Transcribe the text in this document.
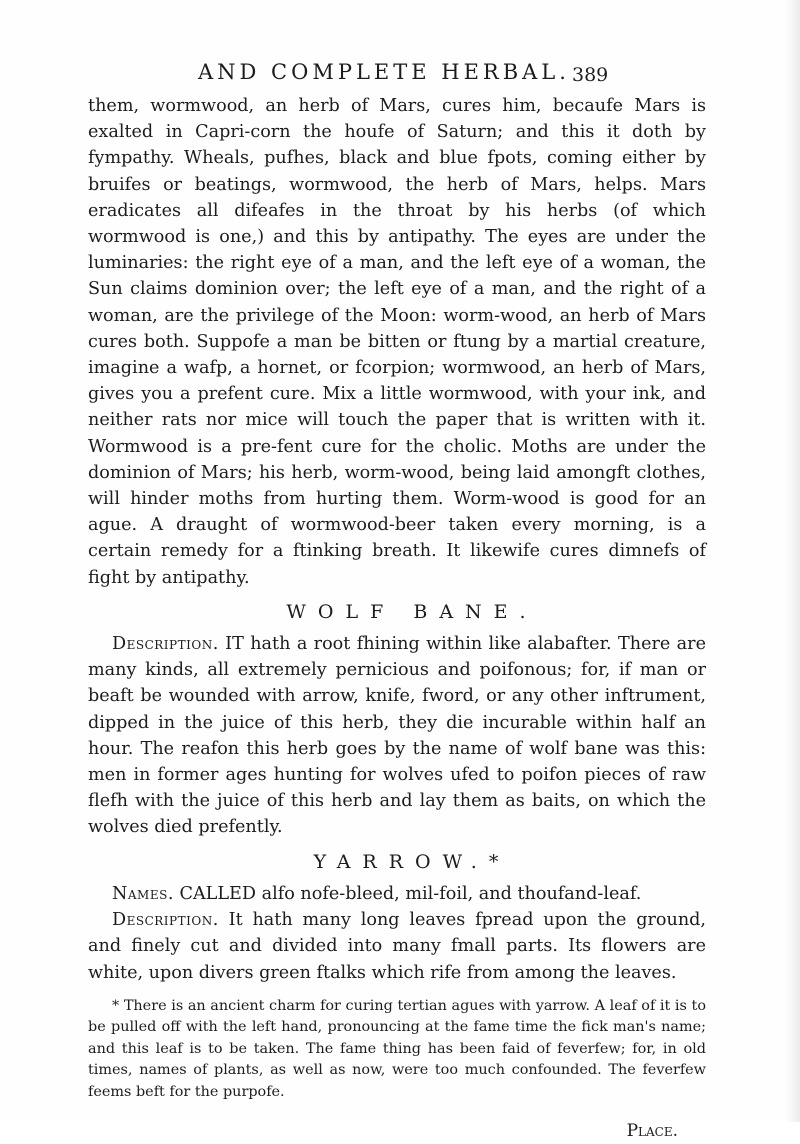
AND COMPLETE HERBAL. 389

them, wormwood, an herb of Mars, cures him, becaufe Mars is exalted in Capri-corn the houfe of Saturn; and this it doth by fympathy. Wheals, pufhes, black and blue fpots, coming either by bruifes or beatings, wormwood, the herb of Mars, helps. Mars eradicates all difeafes in the throat by his herbs (of which wormwood is one,) and this by antipathy. The eyes are under the luminaries: the right eye of a man, and the left eye of a woman, the Sun claims dominion over; the left eye of a man, and the right of a woman, are the privilege of the Moon: worm-wood, an herb of Mars cures both. Suppofe a man be bitten or ftung by a martial creature, imagine a wafp, a hornet, or fcorpion; wormwood, an herb of Mars, gives you a prefent cure. Mix a little wormwood, with your ink, and neither rats nor mice will touch the paper that is written with it. Wormwood is a pre-fent cure for the cholic. Moths are under the dominion of Mars; his herb, worm-wood, being laid amongft clothes, will hinder moths from hurting them. Worm-wood is good for an ague. A draught of wormwood-beer taken every morning, is a certain remedy for a ftinking breath. It likewife cures dimnefs of fight by antipathy.

WOLF BANE.

Description. IT hath a root fhining within like alabafter. There are many kinds, all extremely pernicious and poifonous; for, if man or beaft be wounded with arrow, knife, fword, or any other inftrument, dipped in the juice of this herb, they die incurable within half an hour. The reafon this herb goes by the name of wolf bane was this: men in former ages hunting for wolves ufed to poifon pieces of raw flefh with the juice of this herb and lay them as baits, on which the wolves died prefently.

YARROW.*

Names. CALLED alfo nofe-bleed, mil-foil, and thoufand-leaf.

Description. It hath many long leaves fpread upon the ground, and finely cut and divided into many fmall parts. Its flowers are white, upon divers green ftalks which rife from among the leaves.

* There is an ancient charm for curing tertian agues with yarrow. A leaf of it is to be pulled off with the left hand, pronouncing at the fame time the fick man's name; and this leaf is to be taken. The fame thing has been faid of feverfew; for, in old times, names of plants, as well as now, were too much confounded. The feverfew feems beft for the purpofe.

Place.
